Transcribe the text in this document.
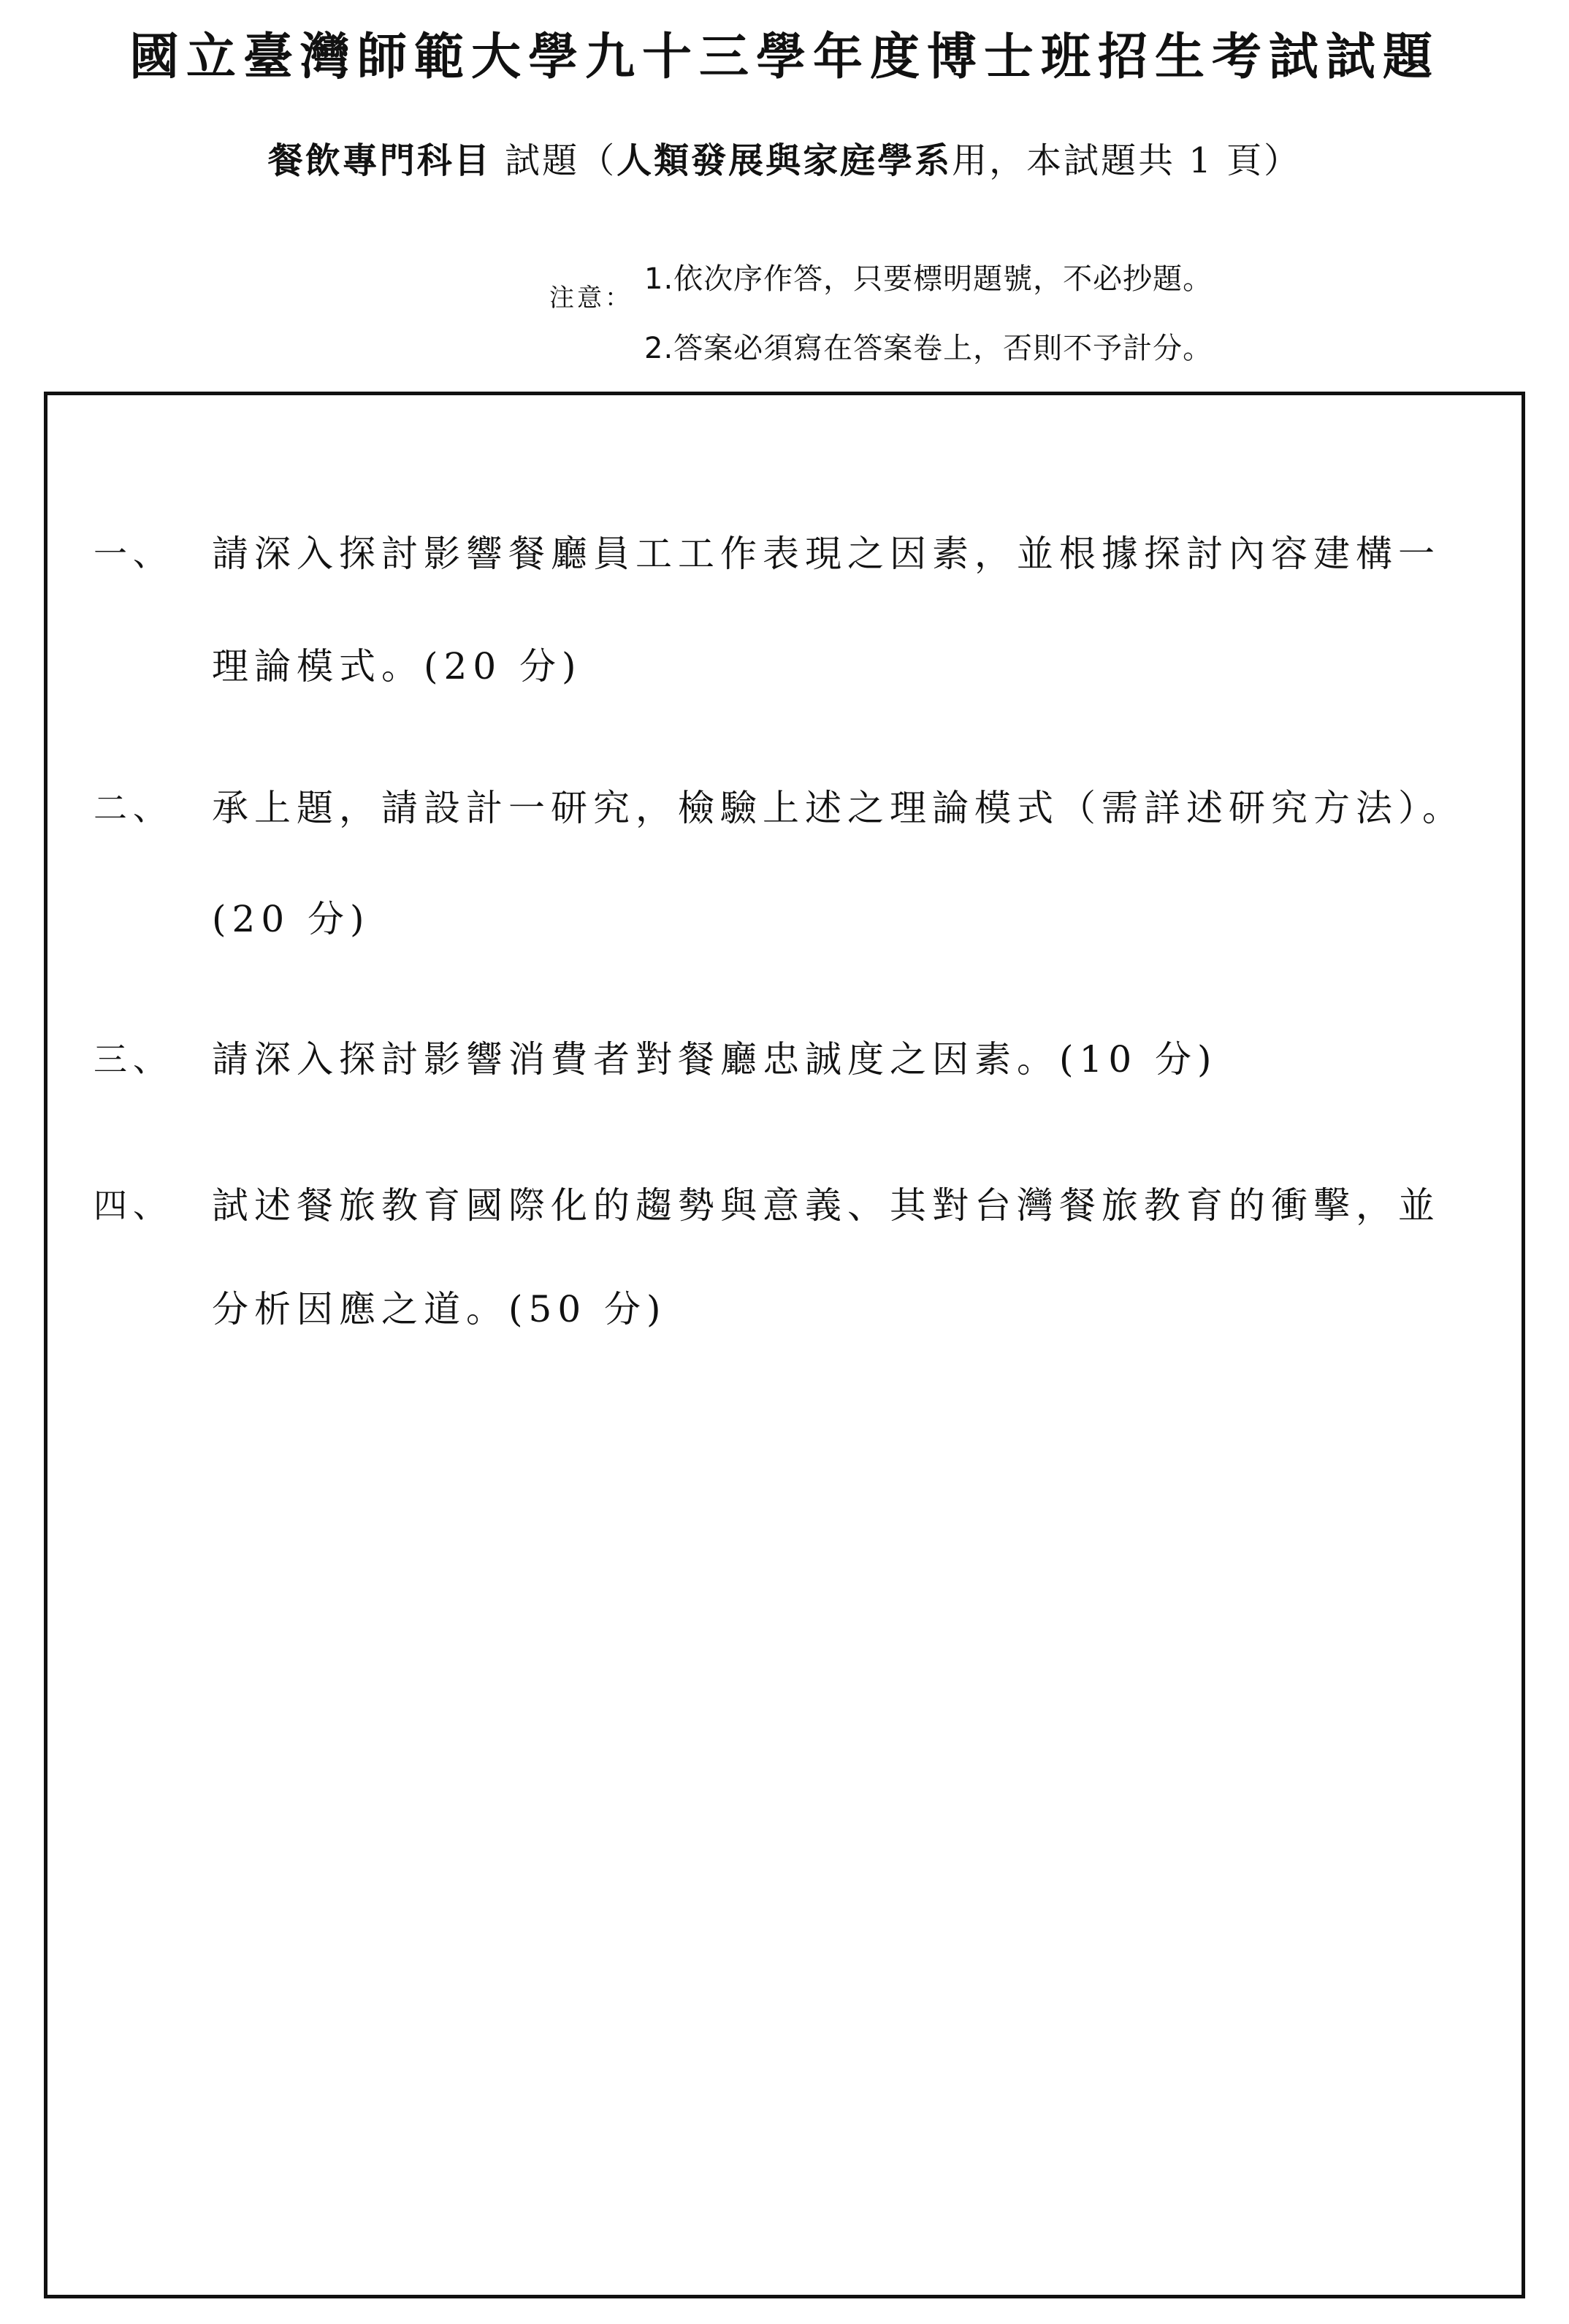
國立臺灣師範大學九十三學年度博士班招生考試試題
餐飲專門科目 試題（人類發展與家庭學系用，本試題共 1 頁）
注意：
1.依次序作答，只要標明題號，不必抄題。
2.答案必須寫在答案卷上，否則不予計分。
一、 請深入探討影響餐廳員工工作表現之因素，並根據探討內容建構一
理論模式。(20 分)
二、 承上題，請設計一研究，檢驗上述之理論模式（需詳述研究方法）。
(20 分)
三、 請深入探討影響消費者對餐廳忠誠度之因素。(10 分)
四、 試述餐旅教育國際化的趨勢與意義、其對台灣餐旅教育的衝擊，並
分析因應之道。(50 分)
